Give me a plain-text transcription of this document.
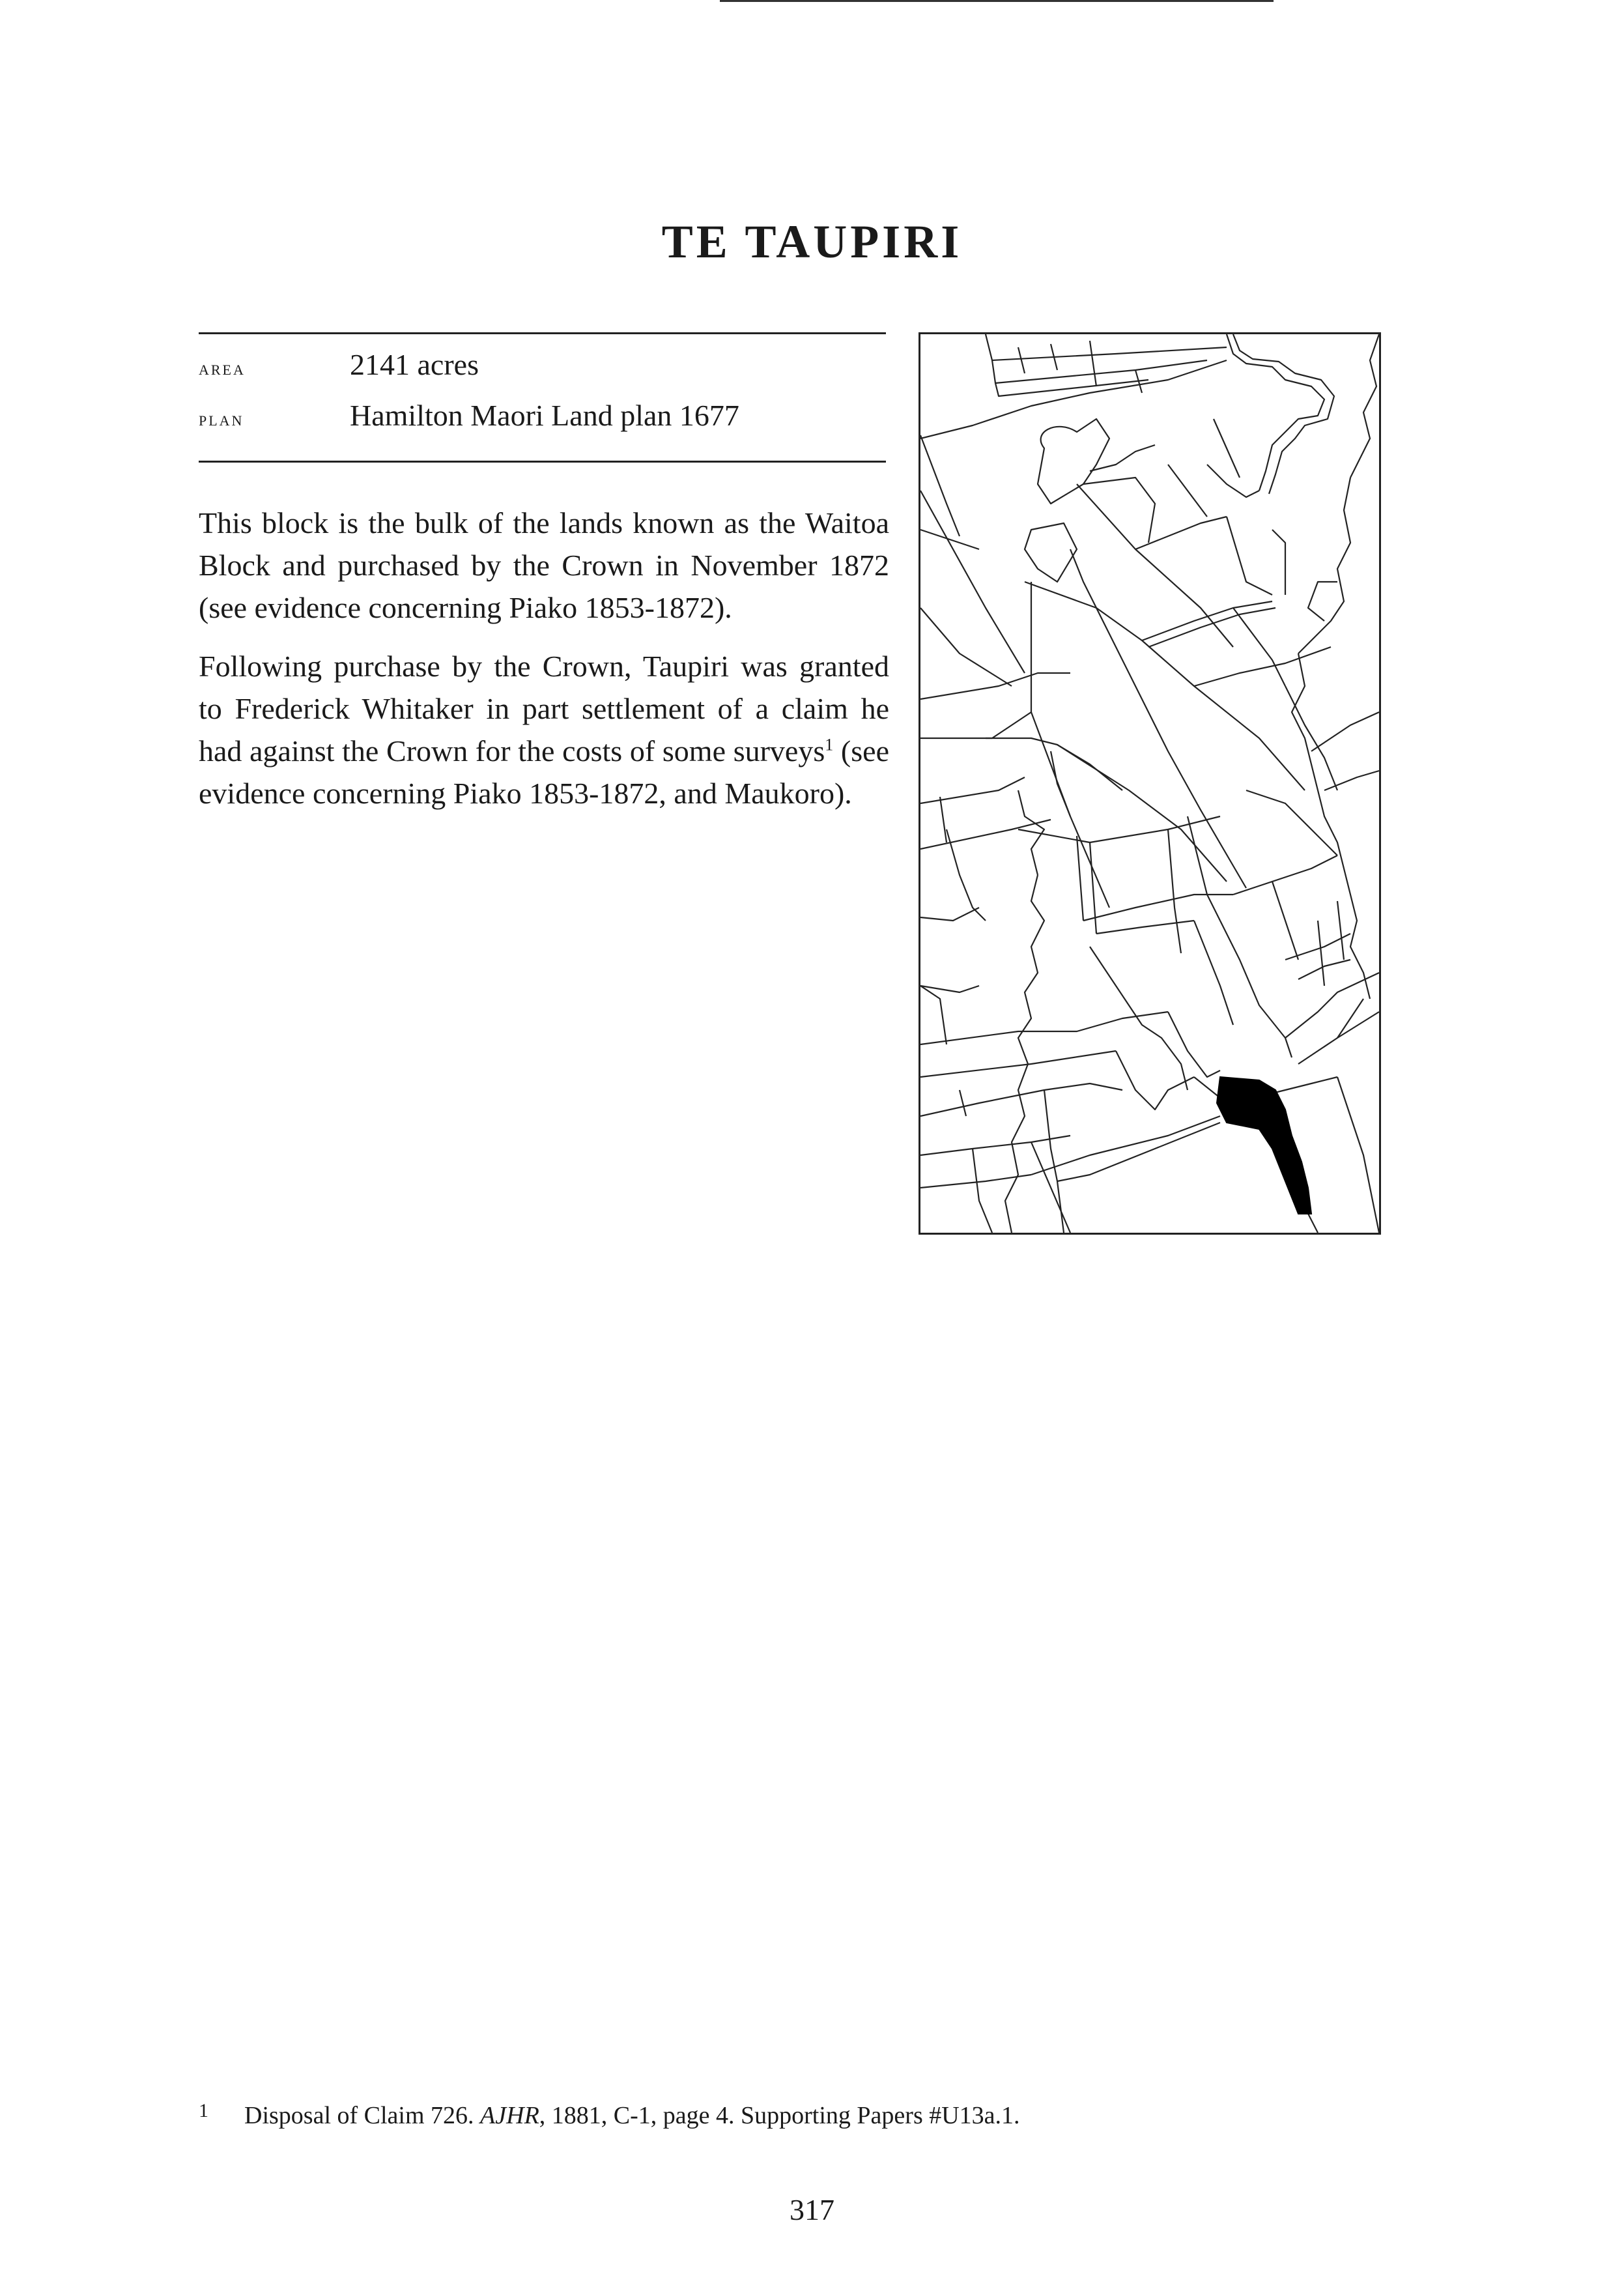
TE TAUPIRI
area	2141 acres
plan	Hamilton Maori Land plan 1677

This block is the bulk of the lands known as the Waitoa Block and purchased by the Crown in November 1872 (see evidence concerning Piako 1853-1872).

Following purchase by the Crown, Taupiri was granted to Frederick Whitaker in part settlement of a claim he had against the Crown for the costs of some surveys$^1$ (see evidence concerning Piako 1853-1872, and Maukoro).

1	Disposal of Claim 726. AJHR, 1881, C-1, page 4. Supporting Papers #U13a.1.
317
